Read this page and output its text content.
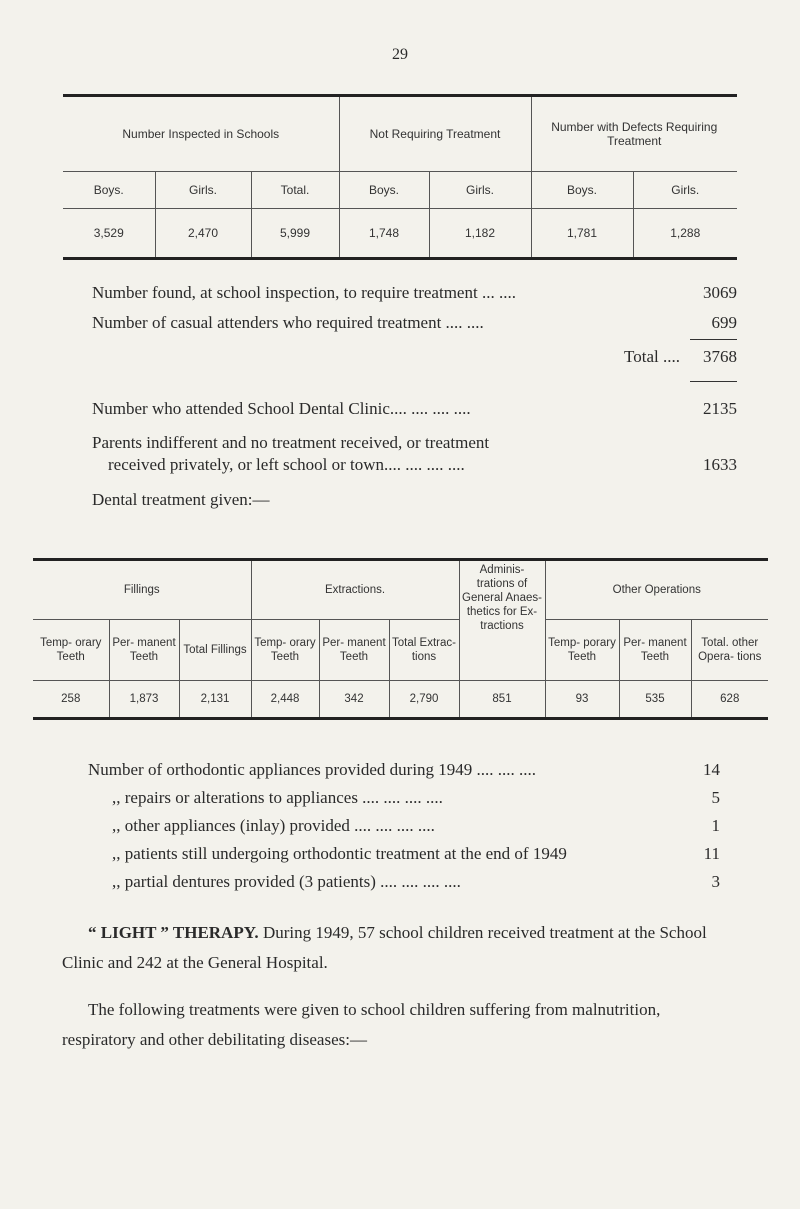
29
Number Inspected in Schools			Not Requiring Treatment		Number with Defects Requiring Treatment	
Boys.	Girls.	Total.	Boys.	Girls.	Boys.	Girls.
3,529	2,470	5,999	1,748	1,182	1,781	1,288
Number found, at school inspection, to require treatment ... ....	3069
Number of casual attenders who required treatment .... ....	699
Total .... 3768
Number who attended School Dental Clinic.... .... .... ....	2135
Parents indifferent and no treatment received, or treatment
received privately, or left school or town.... .... .... ....	1633
Dental treatment given:—
Fillings			Extractions.			Adminis- trations of General Anaes- thetics for Ex- tractions	Other Operations		
Temp- orary Teeth	Per- manent Teeth	Total Fillings	Temp- orary Teeth	Per- manent Teeth	Total Extrac- tions		Temp- porary Teeth	Per- manent Teeth	Total. other Opera- tions
258	1,873	2,131	2,448	342	2,790	851	93	535	628
Number of orthodontic appliances provided during 1949 .... .... ....	14
,, repairs or alterations to appliances .... .... .... ....	5
,, other appliances (inlay) provided .... .... .... ....	1
,, patients still undergoing orthodontic treatment at the end of 1949	11
,, partial dentures provided (3 patients) .... .... .... ....	3
“ LIGHT ” THERAPY. During 1949, 57 school children received treatment at the School Clinic and 242 at the General Hospital.
The following treatments were given to school children suffering from malnutrition, respiratory and other debilitating diseases:—
